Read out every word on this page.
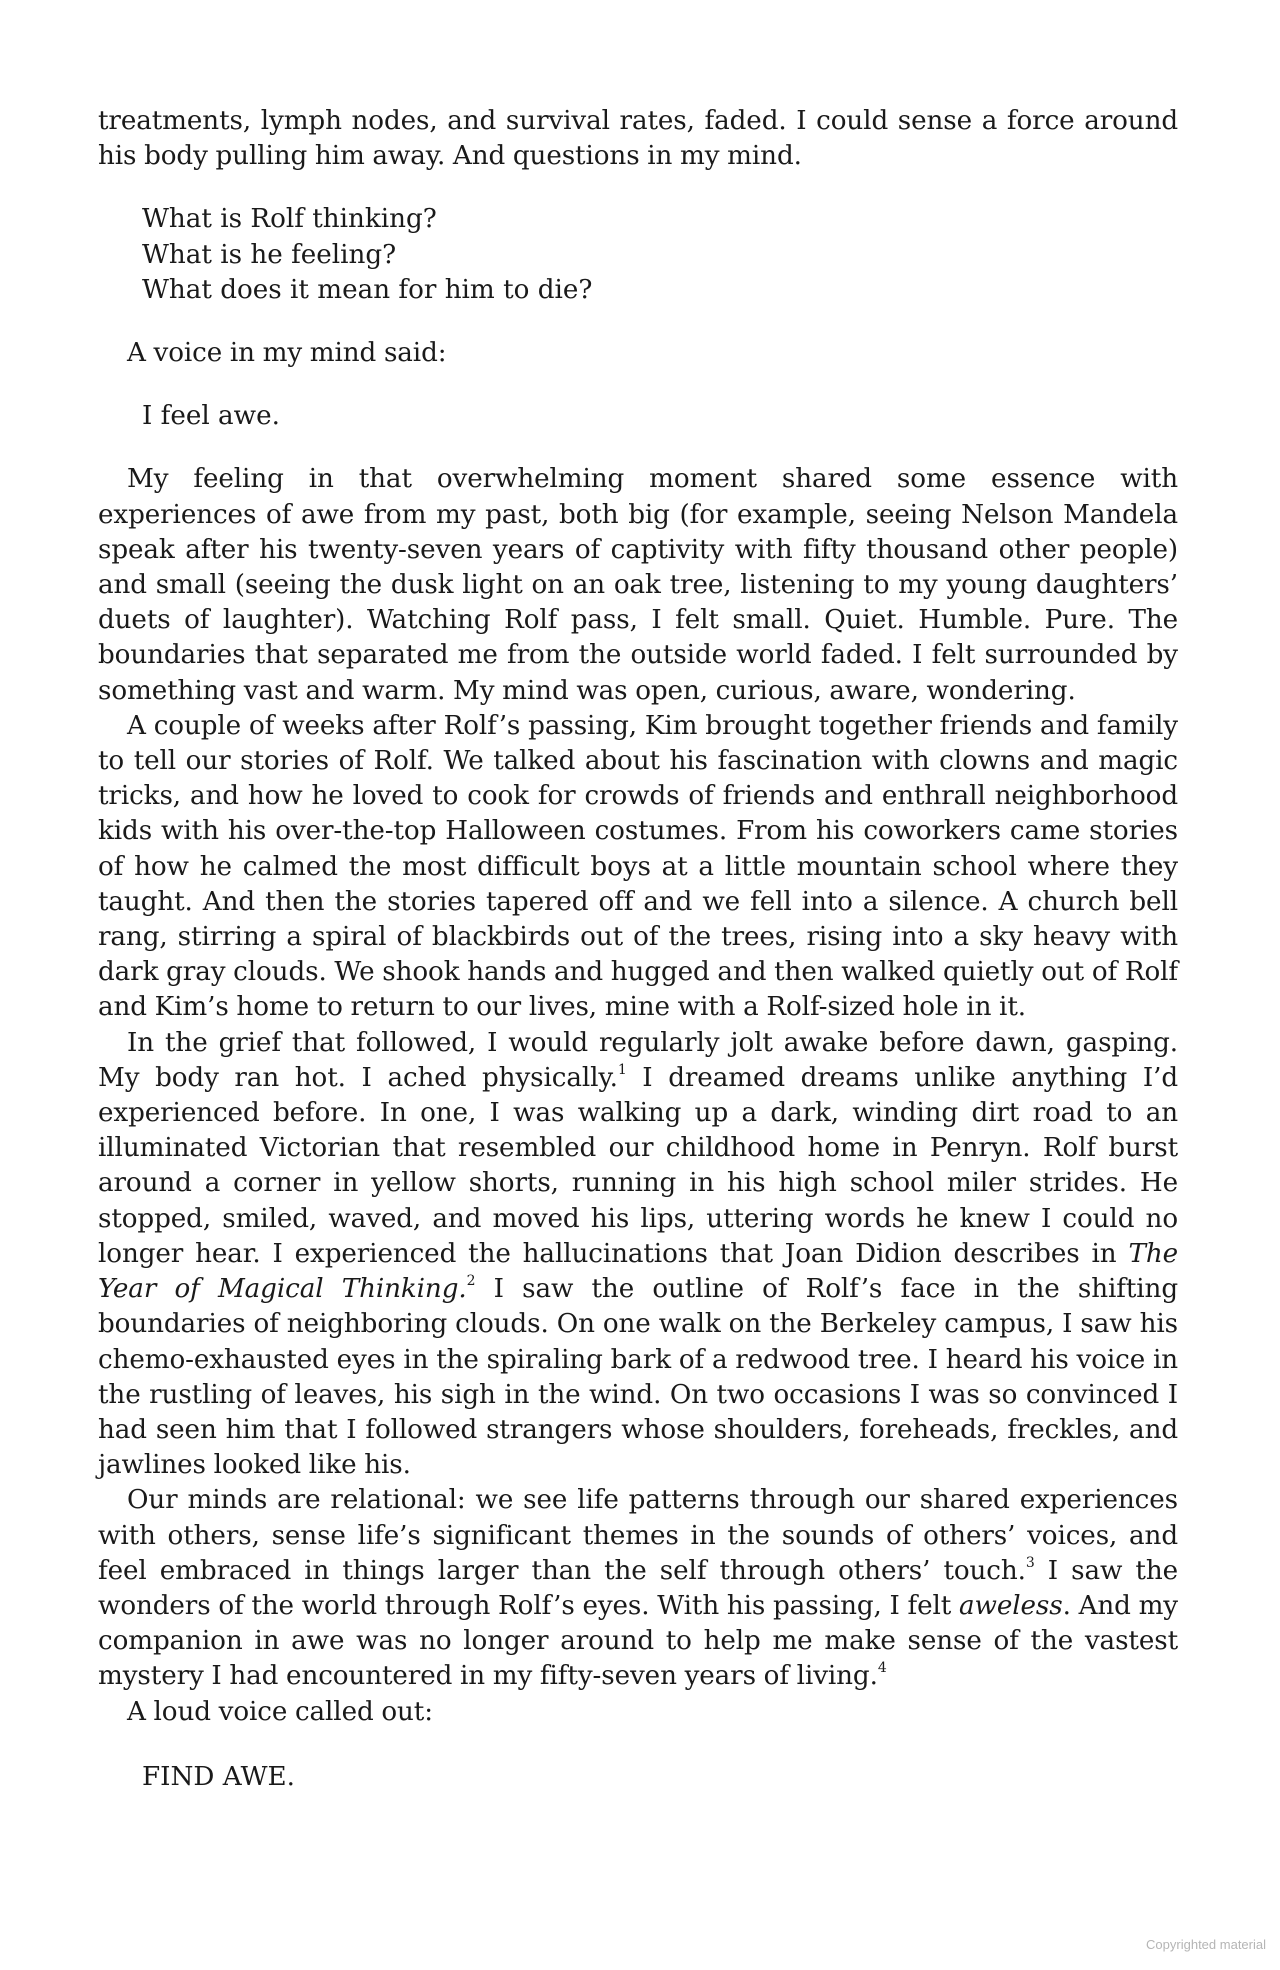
treatments, lymph nodes, and survival rates, faded. I could sense a force around his body pulling him away. And questions in my mind.

What is Rolf thinking?

What is he feeling?

What does it mean for him to die?

A voice in my mind said:

I feel awe.

My feeling in that overwhelming moment shared some essence with experiences of awe from my past, both big (for example, seeing Nelson Mandela speak after his twenty-seven years of captivity with fifty thousand other people) and small (seeing the dusk light on an oak tree, listening to my young daughters’ duets of laughter). Watching Rolf pass, I felt small. Quiet. Humble. Pure. The boundaries that separated me from the outside world faded. I felt surrounded by something vast and warm. My mind was open, curious, aware, wondering.

A couple of weeks after Rolf’s passing, Kim brought together friends and family to tell our stories of Rolf. We talked about his fascination with clowns and magic tricks, and how he loved to cook for crowds of friends and enthrall neighborhood kids with his over-the-top Halloween costumes. From his coworkers came stories of how he calmed the most difficult boys at a little mountain school where they taught. And then the stories tapered off and we fell into a silence. A church bell rang, stirring a spiral of blackbirds out of the trees, rising into a sky heavy with dark gray clouds. We shook hands and hugged and then walked quietly out of Rolf and Kim’s home to return to our lives, mine with a Rolf-sized hole in it.

In the grief that followed, I would regularly jolt awake before dawn, gasping. My body ran hot. I ached physically.$^1$ I dreamed dreams unlike anything I’d experienced before. In one, I was walking up a dark, winding dirt road to an illuminated Victorian that resembled our childhood home in Penryn. Rolf burst around a corner in yellow shorts, running in his high school miler strides. He stopped, smiled, waved, and moved his lips, uttering words he knew I could no longer hear. I experienced the hallucinations that Joan Didion describes in The Year of Magical Thinking.$^2$ I saw the outline of Rolf’s face in the shifting boundaries of neighboring clouds. On one walk on the Berkeley campus, I saw his chemo-exhausted eyes in the spiraling bark of a redwood tree. I heard his voice in the rustling of leaves, his sigh in the wind. On two occasions I was so convinced I had seen him that I followed strangers whose shoulders, foreheads, freckles, and jawlines looked like his.

Our minds are relational: we see life patterns through our shared experiences with others, sense life’s significant themes in the sounds of others’ voices, and feel embraced in things larger than the self through others’ touch.$^3$ I saw the wonders of the world through Rolf’s eyes. With his passing, I felt aweless. And my companion in awe was no longer around to help me make sense of the vastest mystery I had encountered in my fifty-seven years of living.$^4$

A loud voice called out:

FIND AWE.

Copyrighted material
